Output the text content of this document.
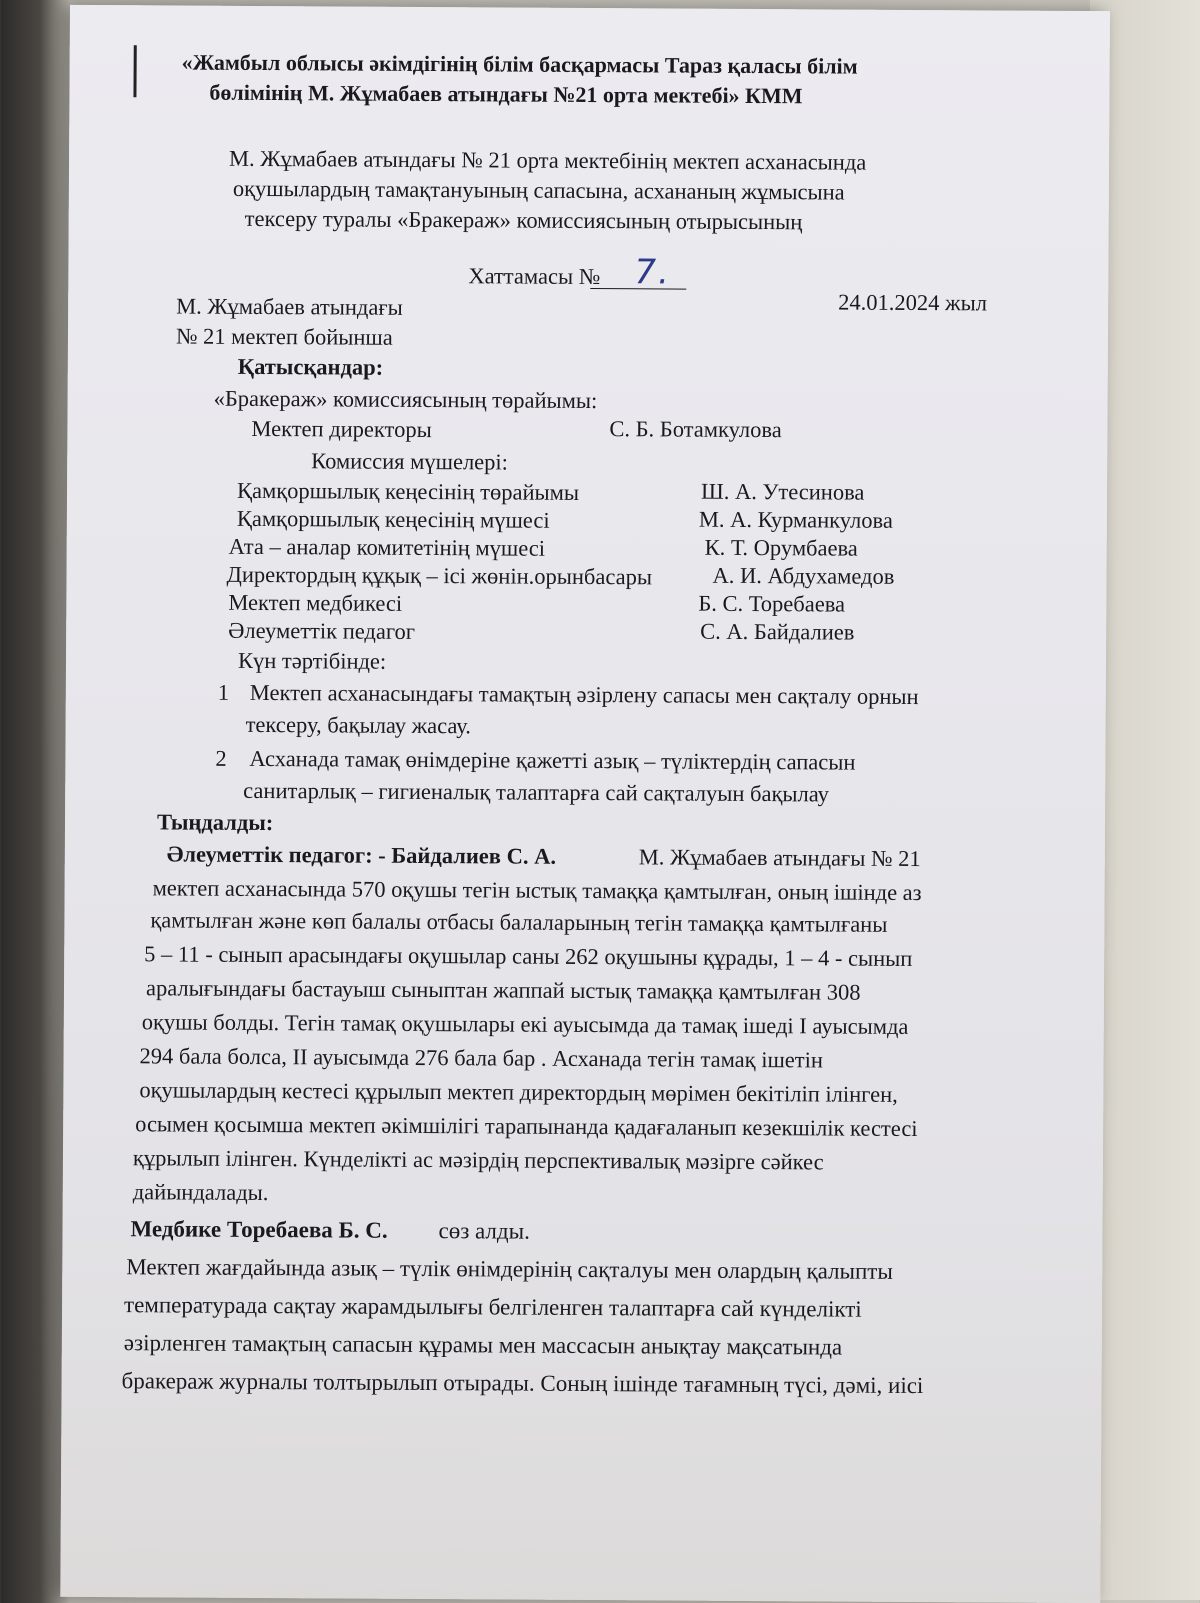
«Жамбыл облысы әкімдігінің білім басқармасы Тараз қаласы білім
бөлімінің М. Жұмабаев атындағы №21 орта мектебі» КММ
М. Жұмабаев атындағы № 21 орта мектебінің мектеп асханасында
оқушылардың тамақтануының сапасына, асхананың жұмысына
тексеру туралы «Бракераж» комиссиясының отырысының
Хаттамасы № 7.
М. Жұмабаев атындағы
№ 21 мектеп бойынша
24.01.2024 жыл
Қатысқандар:
«Бракераж» комиссиясының төрайымы:
Мектеп директоры	С. Б. Ботамкулова
Комиссия мүшелері:
Қамқоршылық кеңесінің төрайымы	Ш. А. Утесинова
Қамқоршылық кеңесінің мүшесі	М. А. Курманкулова
Ата – аналар комитетінің мүшесі	К. Т. Орумбаева
Директордың құқық – ісі жөнін.орынбасары	А. И. Абдухамедов
Мектеп медбикесі	Б. С. Торебаева
Әлеуметтік педагог	С. А. Байдалиев
Күн тәртібінде:
1 Мектеп асханасындағы тамақтың әзірлену сапасы мен сақталу орнын
тексеру, бақылау жасау.
2 Асханада тамақ өнімдеріне қажетті азық – түліктердің сапасын
санитарлық – гигиеналық талаптарға сай сақталуын бақылау
Тыңдалды:
Әлеуметтік педагог: - Байдалиев С. А.	М. Жұмабаев атындағы № 21
мектеп асханасында 570 оқушы тегін ыстық тамаққа қамтылған, оның ішінде аз
қамтылған және көп балалы отбасы балаларының тегін тамаққа қамтылғаны
5 – 11 - сынып арасындағы оқушылар саны 262 оқушыны құрады, 1 – 4 - сынып
аралығындағы бастауыш сыныптан жаппай ыстық тамаққа қамтылған 308
оқушы болды. Тегін тамақ оқушылары екі ауысымда да тамақ ішеді І ауысымда
294 бала болса, ІІ ауысымда 276 бала бар . Асханада тегін тамақ ішетін
оқушылардың кестесі құрылып мектеп директордың мөрімен бекітіліп ілінген,
осымен қосымша мектеп әкімшілігі тарапынанда қадағаланып кезекшілік кестесі
құрылып ілінген. Күнделікті ас мәзірдің перспективалық мәзірге сәйкес
дайындалады.
Медбике Торебаева Б. С. сөз алды.
Мектеп жағдайында азық – түлік өнімдерінің сақталуы мен олардың қалыпты
температурада сақтау жарамдылығы белгіленген талаптарға сай күнделікті
әзірленген тамақтың сапасын құрамы мен массасын анықтау мақсатында
бракераж журналы толтырылып отырады. Соның ішінде тағамның түсі, дәмі, иісі
